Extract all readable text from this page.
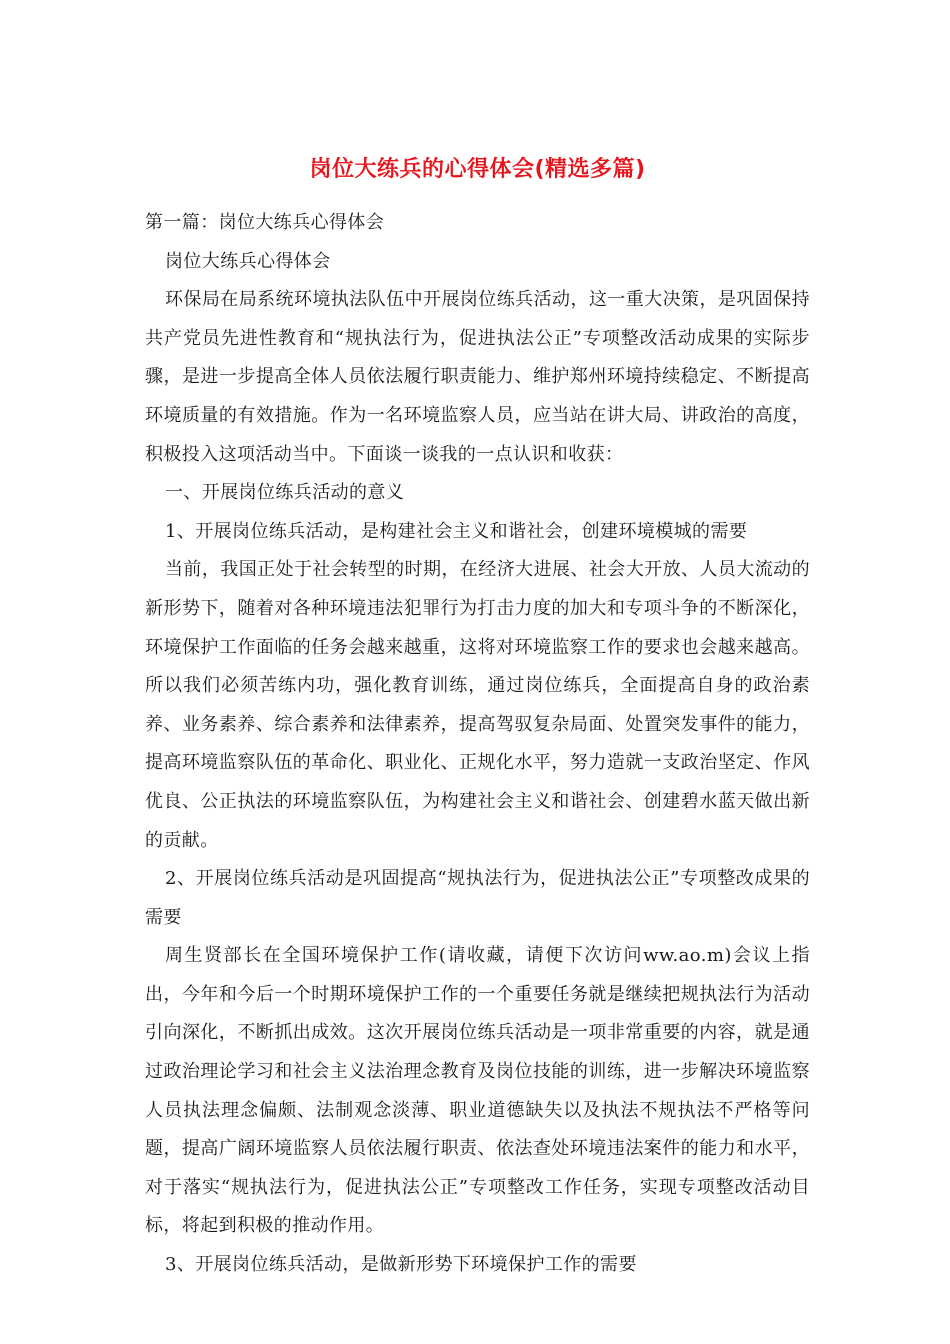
岗位大练兵的心得体会(精选多篇)

第一篇：岗位大练兵心得体会

岗位大练兵心得体会

环保局在局系统环境执法队伍中开展岗位练兵活动，这一重大决策，是巩固保持共产党员先进性教育和“规执法行为，促进执法公正”专项整改活动成果的实际步骤，是进一步提高全体人员依法履行职责能力、维护郑州环境持续稳定、不断提高环境质量的有效措施。作为一名环境监察人员，应当站在讲大局、讲政治的高度，积极投入这项活动当中。下面谈一谈我的一点认识和收获：

一、开展岗位练兵活动的意义

1、开展岗位练兵活动，是构建社会主义和谐社会，创建环境模城的需要

当前，我国正处于社会转型的时期，在经济大进展、社会大开放、人员大流动的新形势下，随着对各种环境违法犯罪行为打击力度的加大和专项斗争的不断深化，环境保护工作面临的任务会越来越重，这将对环境监察工作的要求也会越来越高。所以我们必须苦练内功，强化教育训练，通过岗位练兵，全面提高自身的政治素养、业务素养、综合素养和法律素养，提高驾驭复杂局面、处置突发事件的能力，提高环境监察队伍的革命化、职业化、正规化水平，努力造就一支政治坚定、作风优良、公正执法的环境监察队伍，为构建社会主义和谐社会、创建碧水蓝天做出新的贡献。

2、开展岗位练兵活动是巩固提高“规执法行为，促进执法公正”专项整改成果的需要

周生贤部长在全国环境保护工作(请收藏，请便下次访问ww.ao.m)会议上指出，今年和今后一个时期环境保护工作的一个重要任务就是继续把规执法行为活动引向深化，不断抓出成效。这次开展岗位练兵活动是一项非常重要的内容，就是通过政治理论学习和社会主义法治理念教育及岗位技能的训练，进一步解决环境监察人员执法理念偏颇、法制观念淡薄、职业道德缺失以及执法不规执法不严格等问题，提高广阔环境监察人员依法履行职责、依法查处环境违法案件的能力和水平，对于落实“规执法行为，促进执法公正”专项整改工作任务，实现专项整改活动目标，将起到积极的推动作用。

3、开展岗位练兵活动，是做新形势下环境保护工作的需要
